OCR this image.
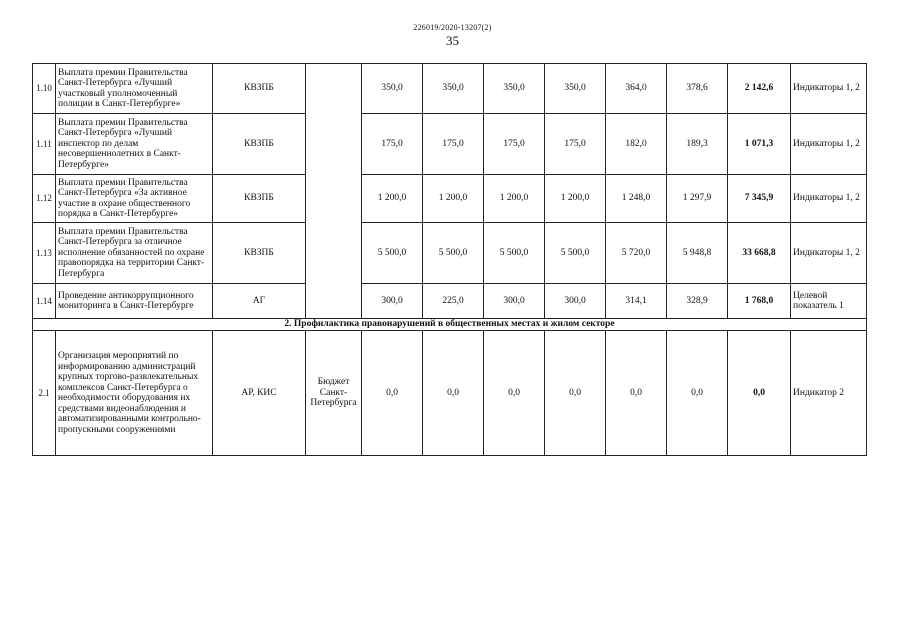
226019/2020-13207(2)
35
1.10	Выплата премии Правительства Санкт-Петербурга «Лучший участковый уполномоченный полиции в Санкт-Петербурге»	КВЗПБ		350,0	350,0	350,0	350,0	364,0	378,6	2 142,6	Индикаторы 1, 2
1.11	Выплата премии Правительства Санкт-Петербурга «Лучший инспектор по делам несовершеннолетних в Санкт-Петербурге»	КВЗПБ		175,0	175,0	175,0	175,0	182,0	189,3	1 071,3	Индикаторы 1, 2
1.12	Выплата премии Правительства Санкт-Петербурга «За активное участие в охране общественного порядка в Санкт-Петербурге»	КВЗПБ		1 200,0	1 200,0	1 200,0	1 200,0	1 248,0	1 297,9	7 345,9	Индикаторы 1, 2
1.13	Выплата премии Правительства Санкт-Петербурга за отличное исполнение обязанностей по охране правопорядка на территории Санкт-Петербурга	КВЗПБ		5 500,0	5 500,0	5 500,0	5 500,0	5 720,0	5 948,8	33 668,8	Индикаторы 1, 2
1.14	Проведение антикоррупционного мониторинга в Санкт-Петербурге	АГ		300,0	225,0	300,0	300,0	314,1	328,9	1 768,0	Целевой показатель 1
2. Профилактика правонарушений в общественных местах и жилом секторе											
2.1	Организация мероприятий по информированию администраций крупных торгово-развлекательных комплексов Санкт-Петербурга о необходимости оборудования их средствами видеонаблюдения и автоматизированными контрольно-пропускными сооружениями	АР, КИС	Бюджет Санкт-Петербурга	0,0	0,0	0,0	0,0	0,0	0,0	0,0	Индикатор 2
